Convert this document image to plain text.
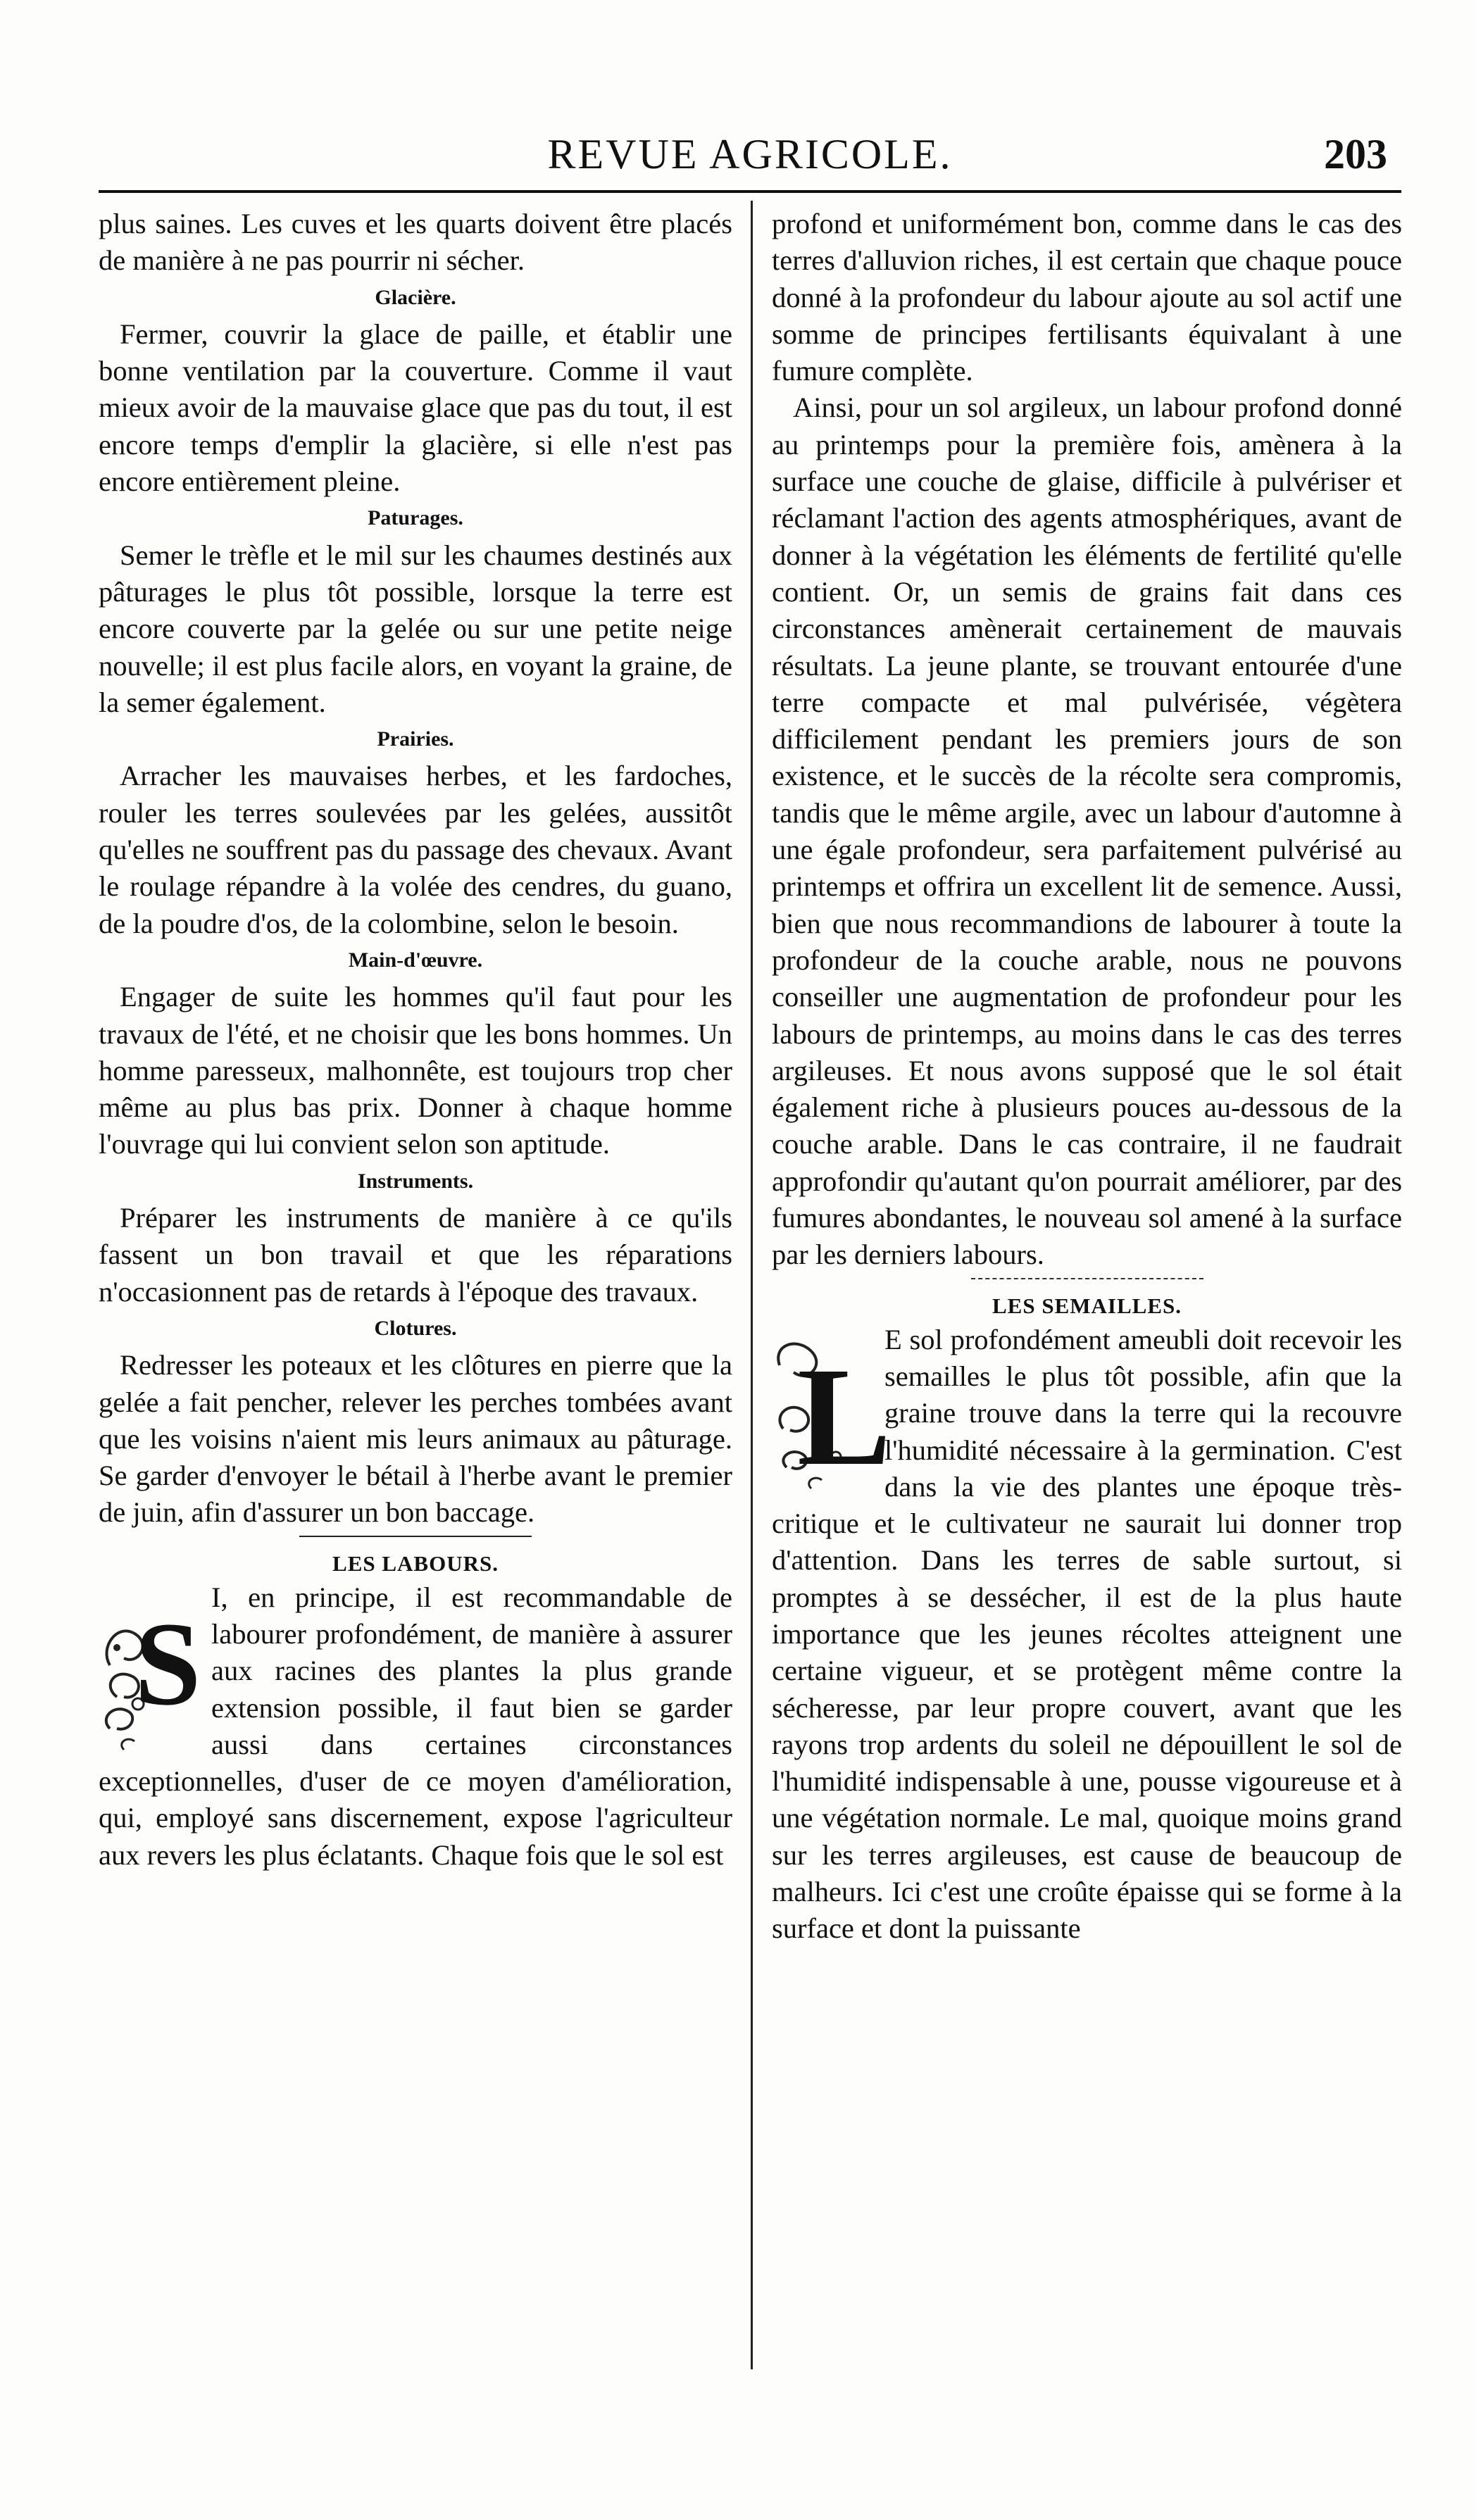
REVUE AGRICOLE.	203

plus saines. Les cuves et les quarts doivent être placés de manière à ne pas pourrir ni sécher.

Glacière.

Fermer, couvrir la glace de paille, et établir une bonne ventilation par la couverture. Comme il vaut mieux avoir de la mauvaise glace que pas du tout, il est encore temps d'emplir la glacière, si elle n'est pas encore entièrement pleine.

Paturages.

Semer le trèfle et le mil sur les chaumes destinés aux pâturages le plus tôt possible, lorsque la terre est encore couverte par la gelée ou sur une petite neige nouvelle; il est plus facile alors, en voyant la graine, de la semer également.

Prairies.

Arracher les mauvaises herbes, et les fardoches, rouler les terres soulevées par les gelées, aussitôt qu'elles ne souffrent pas du passage des chevaux. Avant le roulage répandre à la volée des cendres, du guano, de la poudre d'os, de la colombine, selon le besoin.

Main-d'œuvre.

Engager de suite les hommes qu'il faut pour les travaux de l'été, et ne choisir que les bons hommes. Un homme paresseux, malhonnête, est toujours trop cher même au plus bas prix. Donner à chaque homme l'ouvrage qui lui convient selon son aptitude.

Instruments.

Préparer les instruments de manière à ce qu'ils fassent un bon travail et que les réparations n'occasionnent pas de retards à l'époque des travaux.

Clotures.

Redresser les poteaux et les clôtures en pierre que la gelée a fait pencher, relever les perches tombées avant que les voisins n'aient mis leurs animaux au pâturage. Se garder d'envoyer le bétail à l'herbe avant le premier de juin, afin d'assurer un bon baccage.

LES LABOURS.

S

I, en principe, il est recommandable de labourer profondément, de manière à assurer aux racines des plantes la plus grande extension possible, il faut bien se garder aussi dans certaines circonstances exceptionnelles, d'user de ce moyen d'amélioration, qui, employé sans discernement, expose l'agriculteur aux revers les plus éclatants. Chaque fois que le sol est

profond et uniformément bon, comme dans le cas des terres d'alluvion riches, il est certain que chaque pouce donné à la profondeur du labour ajoute au sol actif une somme de principes fertilisants équivalant à une fumure complète.

Ainsi, pour un sol argileux, un labour profond donné au printemps pour la première fois, amènera à la surface une couche de glaise, difficile à pulvériser et réclamant l'action des agents atmosphériques, avant de donner à la végétation les éléments de fertilité qu'elle contient. Or, un semis de grains fait dans ces circonstances amènerait certainement de mauvais résultats. La jeune plante, se trouvant entourée d'une terre compacte et mal pulvérisée, végètera difficilement pendant les premiers jours de son existence, et le succès de la récolte sera compromis, tandis que le même argile, avec un labour d'automne à une égale profondeur, sera parfaitement pulvérisé au printemps et offrira un excellent lit de semence. Aussi, bien que nous recommandions de labourer à toute la profondeur de la couche arable, nous ne pouvons conseiller une augmentation de profondeur pour les labours de printemps, au moins dans le cas des terres argileuses. Et nous avons supposé que le sol était également riche à plusieurs pouces au-dessous de la couche arable. Dans le cas contraire, il ne faudrait approfondir qu'autant qu'on pourrait améliorer, par des fumures abondantes, le nouveau sol amené à la surface par les derniers labours.

LES SEMAILLES.

L

E sol profondément ameubli doit recevoir les semailles le plus tôt possible, afin que la graine trouve dans la terre qui la recouvre l'humidité nécessaire à la germination. C'est dans la vie des plantes une époque très-critique et le cultivateur ne saurait lui donner trop d'attention. Dans les terres de sable surtout, si promptes à se dessécher, il est de la plus haute importance que les jeunes récoltes atteignent une certaine vigueur, et se protègent même contre la sécheresse, par leur propre couvert, avant que les rayons trop ardents du soleil ne dépouillent le sol de l'humidité indispensable à une, pousse vigoureuse et à une végétation normale. Le mal, quoique moins grand sur les terres argileuses, est cause de beaucoup de malheurs. Ici c'est une croûte épaisse qui se forme à la surface et dont la puissante
